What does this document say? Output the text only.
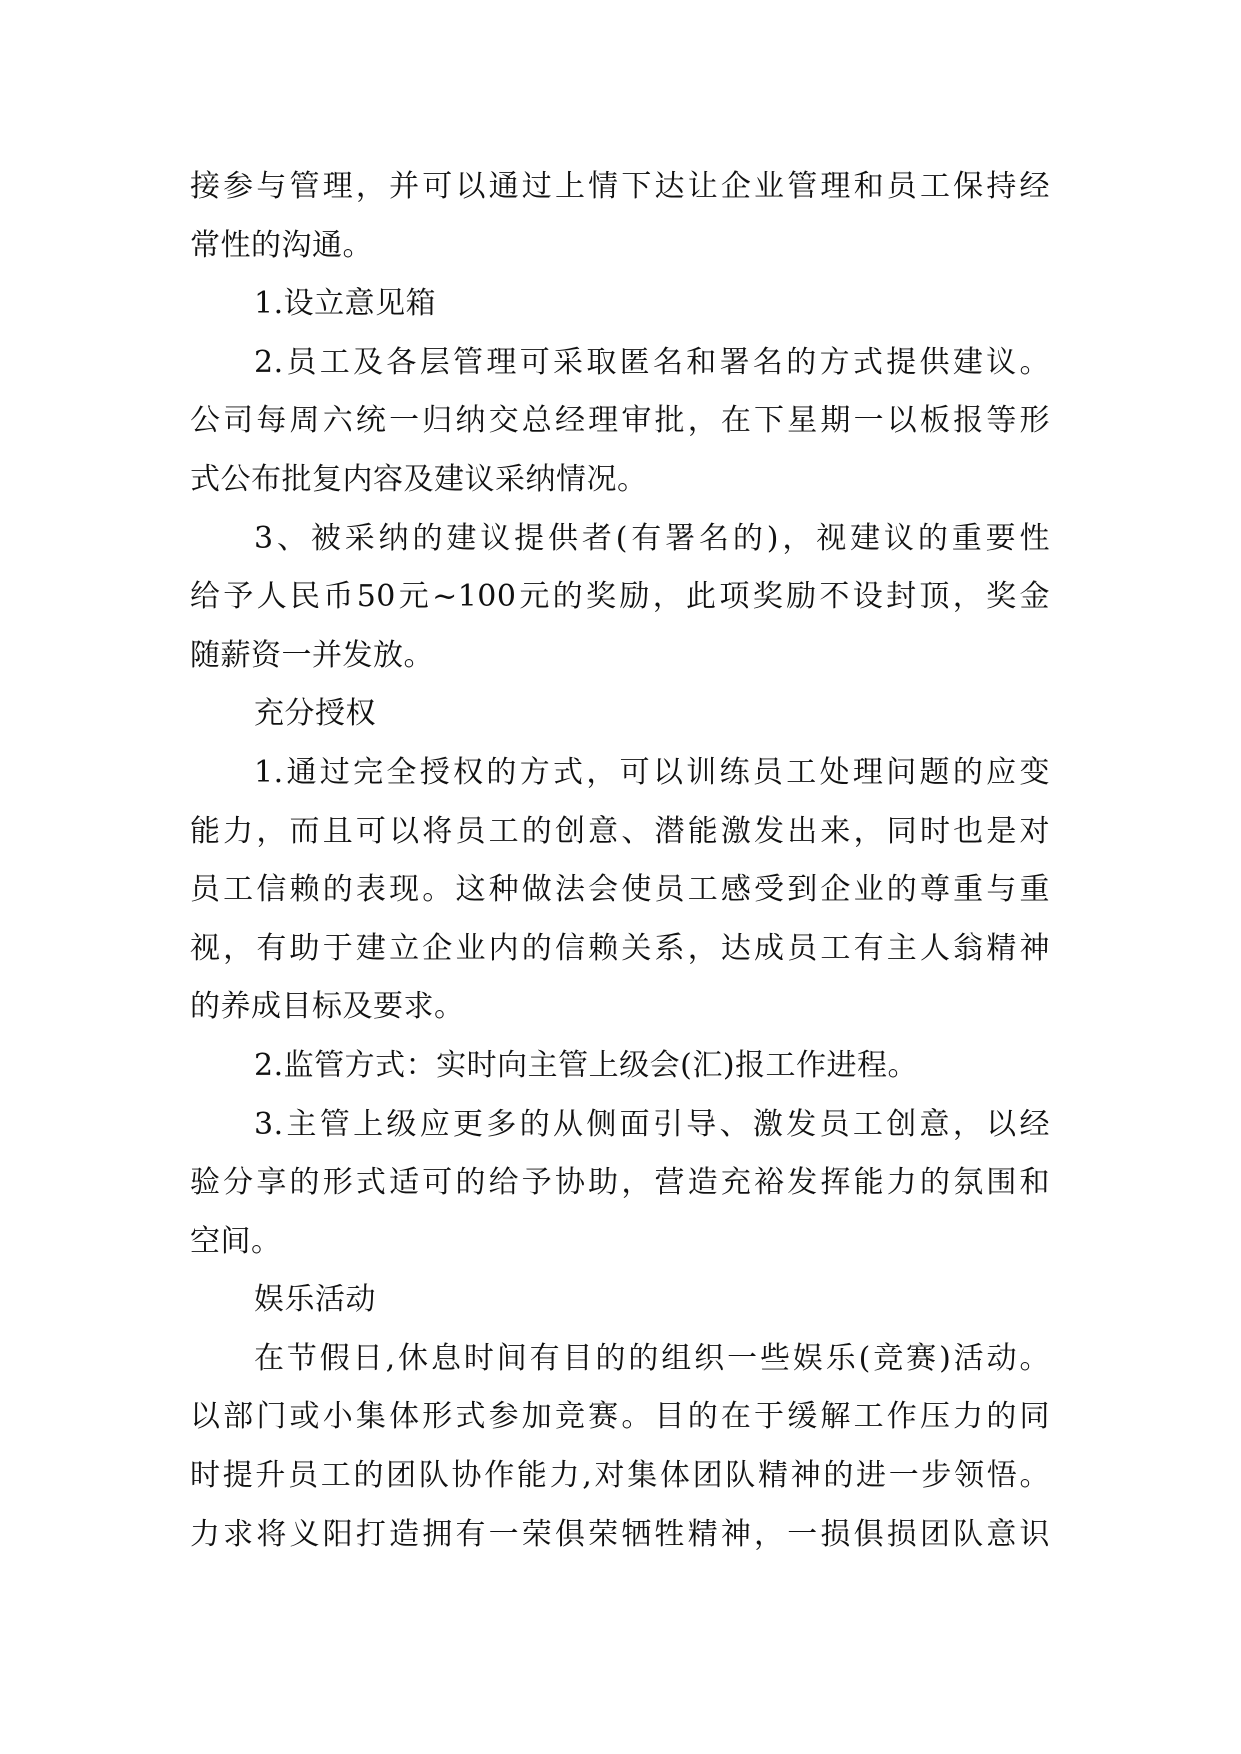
接参与管理，并可以通过上情下达让企业管理和员工保持经
常性的沟通。
1.设立意见箱
2.员工及各层管理可采取匿名和署名的方式提供建议。
公司每周六统一归纳交总经理审批，在下星期一以板报等形
式公布批复内容及建议采纳情况。
3、被采纳的建议提供者(有署名的)，视建议的重要性
给予人民币50元~100元的奖励，此项奖励不设封顶，奖金
随薪资一并发放。
充分授权
1.通过完全授权的方式，可以训练员工处理问题的应变
能力，而且可以将员工的创意、潜能激发出来，同时也是对
员工信赖的表现。这种做法会使员工感受到企业的尊重与重
视，有助于建立企业内的信赖关系，达成员工有主人翁精神
的养成目标及要求。
2.监管方式：实时向主管上级会(汇)报工作进程。
3.主管上级应更多的从侧面引导、激发员工创意，以经
验分享的形式适可的给予协助，营造充裕发挥能力的氛围和
空间。
娱乐活动
在节假日,休息时间有目的的组织一些娱乐(竞赛)活动。
以部门或小集体形式参加竞赛。目的在于缓解工作压力的同
时提升员工的团队协作能力,对集体团队精神的进一步领悟。
力求将义阳打造拥有一荣俱荣牺牲精神，一损俱损团队意识
